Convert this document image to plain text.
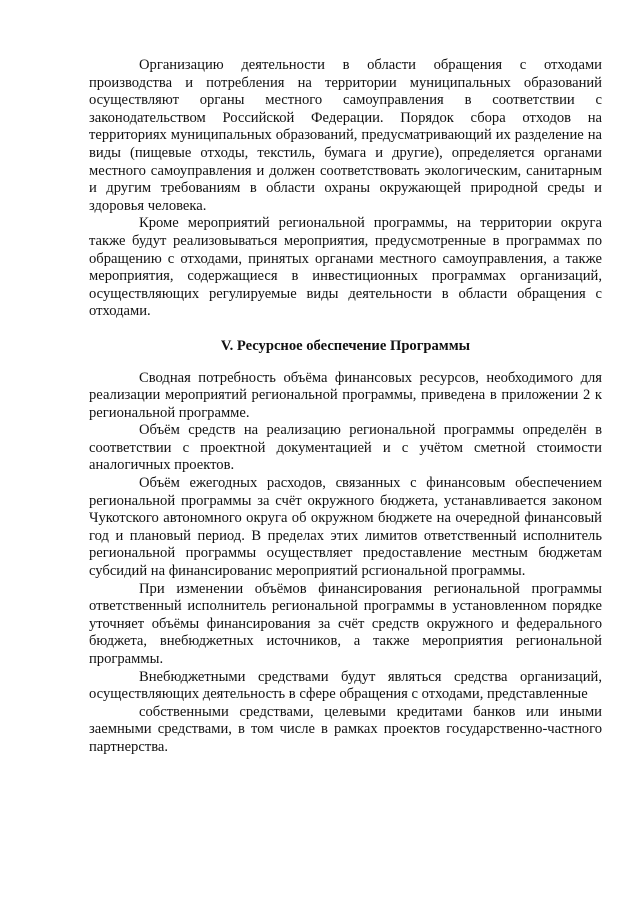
Организацию деятельности в области обращения с отходами производства и потребления на территории муниципальных образований осуществляют органы местного самоуправления в соответствии с законодательством Российской Федерации. Порядок сбора отходов на территориях муниципальных образований, предусматривающий их разделение на виды (пищевые отходы, текстиль, бумага и другие), определяется органами местного самоуправления и должен соответствовать экологическим, санитарным и другим требованиям в области охраны окружающей природной среды и здоровья человека.

Кроме мероприятий региональной программы, на территории округа также будут реализовываться мероприятия, предусмотренные в программах по обращению с отходами, принятых органами местного самоуправления, а также мероприятия, содержащиеся в инвестиционных программах организаций, осуществляющих регулируемые виды деятельности в области обращения с отходами.

V. Ресурсное обеспечение Программы

Сводная потребность объёма финансовых ресурсов, необходимого для реализации мероприятий региональной программы, приведена в приложении 2 к региональной программе.

Объём средств на реализацию региональной программы определён в соответствии с проектной документацией и с учётом сметной стоимости аналогичных проектов.

Объём ежегодных расходов, связанных с финансовым обеспечением региональной программы за счёт окружного бюджета, устанавливается законом Чукотского автономного округа об окружном бюджете на очередной финансовый год и плановый период. В пределах этих лимитов ответственный исполнитель региональной программы осуществляет предоставление местным бюджетам субсидий на финансированис мероприятий рсгиональной программы.

При изменении объёмов финансирования региональной программы ответственный исполнитель региональной программы в установленном порядке уточняет объёмы финансирования за счёт средств окружного и федерального бюджета, внебюджетных источников, а также мероприятия региональной программы.

Внебюджетными средствами будут являться средства организаций, осуществляющих деятельность в сфере обращения с отходами, представленные

собственными средствами, целевыми кредитами банков или иными заемными средствами, в том числе в рамках проектов государственно-частного партнерства.
